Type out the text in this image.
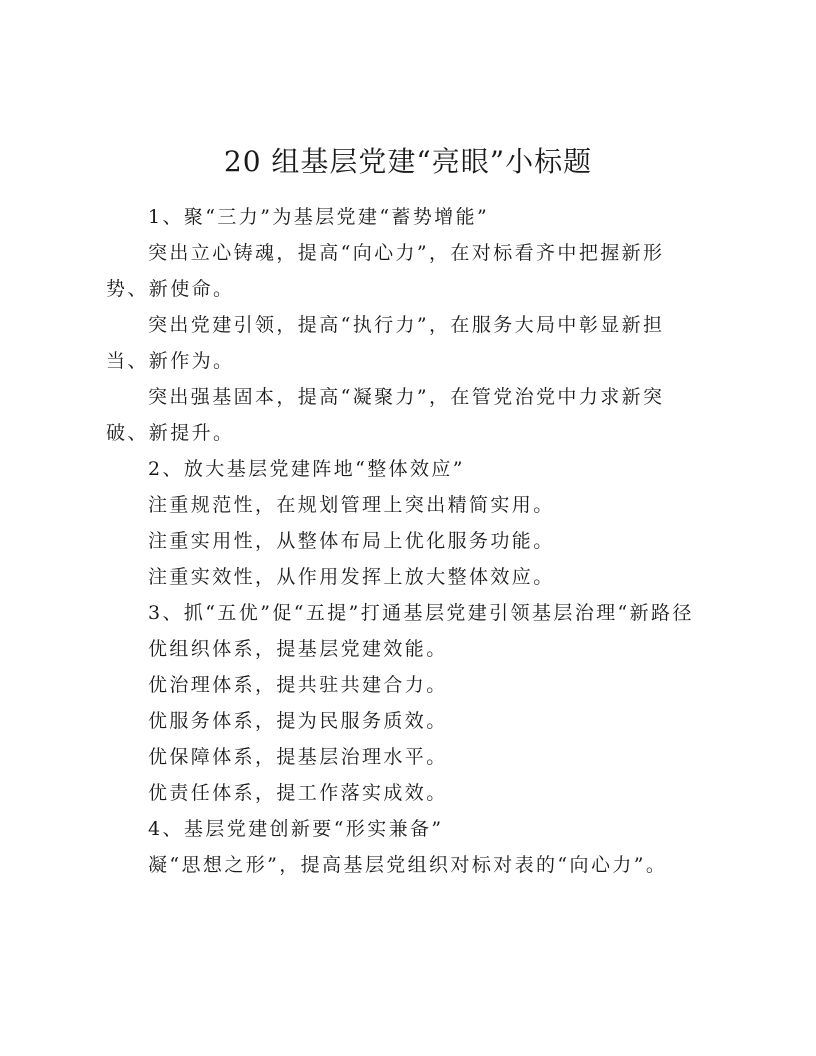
20 组基层党建“亮眼”小标题

1、聚“三力”为基层党建“蓄势增能”

突出立心铸魂，提高“向心力”，在对标看齐中把握新形势、新使命。

突出党建引领，提高“执行力”，在服务大局中彰显新担当、新作为。

突出强基固本，提高“凝聚力”，在管党治党中力求新突破、新提升。

2、放大基层党建阵地“整体效应”

注重规范性，在规划管理上突出精简实用。

注重实用性，从整体布局上优化服务功能。

注重实效性，从作用发挥上放大整体效应。

3、抓“五优”促“五提”打通基层党建引领基层治理“新路径

优组织体系，提基层党建效能。

优治理体系，提共驻共建合力。

优服务体系，提为民服务质效。

优保障体系，提基层治理水平。

优责任体系，提工作落实成效。

4、基层党建创新要“形实兼备”

凝“思想之形”，提高基层党组织对标对表的“向心力”。
